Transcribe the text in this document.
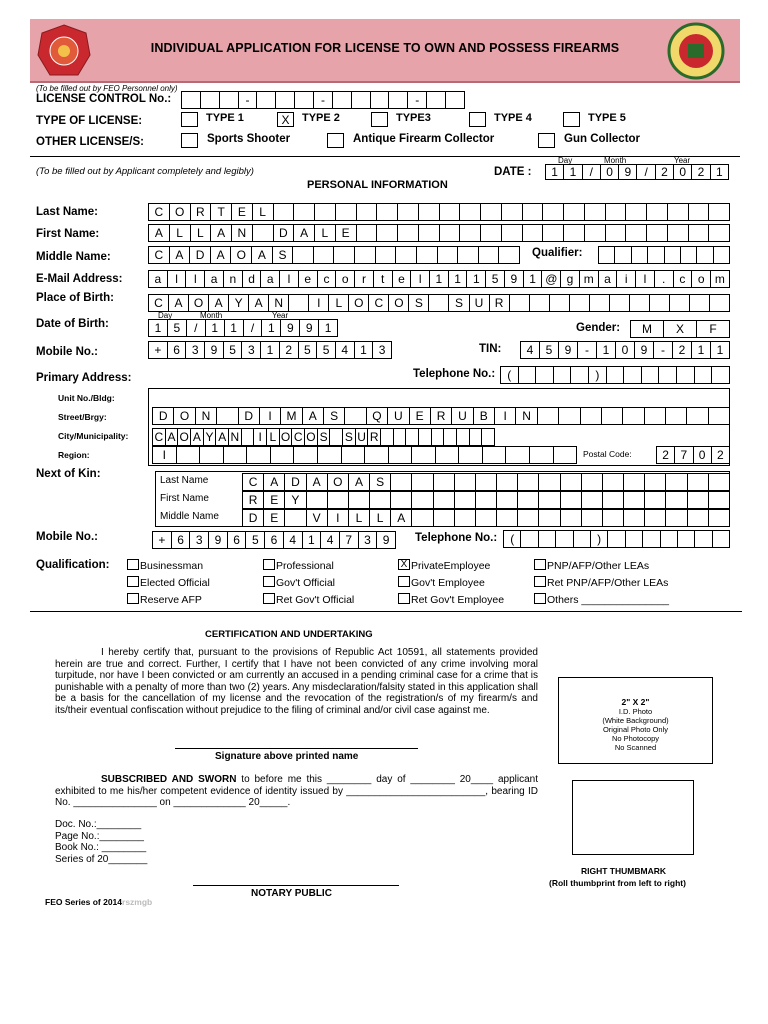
INDIVIDUAL APPLICATION FOR LICENSE TO OWN AND POSSESS FIREARMS
(To be filled out by FEO Personnel only)
LICENSE CONTROL No.:	-	-	-
TYPE OF LICENSE:	TYPE 1	X	TYPE 2	TYPE3	TYPE 4	TYPE 5
OTHER LICENSE/S:	Sports Shooter	Antique Firearm Collector	Gun Collector
(To be filled out by Applicant completely and legibly)
PERSONAL INFORMATION
DATE :
Day	Month	Year
1 1	/	0 9	/	2 0 2 1
Last Name:	C O R	T	E	L
First Name:	A	L	L	A	N	D	A	L	E
Middle Name:	C	A	D	A O A	S	Qualifier:
E-Mail Address:	a	l	l	a	n	d	a	l	e	c	o	r	t	e	l	1	1	1	5	9	1 @ g m a	i	l	.	c	o m
Place of Birth:	C A O A	Y	A N	I	L	O C O S	S U R
Date of Birth:
Day	Month	Year
1	5	/	1	1	/	1	9	9	1	Gender:	M	X	F
Mobile No.:	+ 6	3	9	5	3	1	2	5	5	4	1	3	TIN:	4	5	9	-	1	0	9	-	2	1	1
Primary Address:	Telephone No.:	(	)
Unit No./Bldg:
Street/Brgy:	D	O	N	D	I	M	A	S	Q	U	E	R	U	B	I	N
City/Municipality: C A O A Y A N	I L O C O S S U R
Region:	I	Postal Code:	2 7 0 2
Next of Kin:
Last Name	C	A	D	A	O	A	S
First Name	R	E	Y
Middle Name	D	E	V	I	L	L	A
Mobile No.:	+ 6	3	9	6	5	6	4	1	4	7	3	9	Telephone No.:	(	)
Qualification:	Businessman	Professional	X PrivateEmployee	PNP/AFP/Other LEAs
Elected Official	Gov't Official	Gov't Employee	Ret PNP/AFP/Other LEAs
Reserve AFP	Ret Gov't Official	Ret Gov't Employee	Others _______________
CERTIFICATION AND UNDERTAKING
I hereby certify that, pursuant to the provisions of Republic Act 10591, all statements provided herein are true and correct. Further, I certify that I have not been convicted of any crime involving moral turpitude, nor have I been convicted or am currently an accused in a pending criminal case for a crime that is punishable with a penalty of more than two (2) years. Any misdeclaration/falsity stated in this application shall be a basis for the cancellation of my license and the revocation of the registration/s of my firearm/s and its/their eventual confiscation without prejudice to the filing of criminal and/or civil case against me.
Signature above printed name
SUBSCRIBED AND SWORN to before me this ________ day of ________ 20____ applicant exhibited to me his/her competent evidence of identity issued by _________________________, bearing ID No. _______________ on _____________ 20_____.
Doc. No.:________
Page No.:________
Book No.: ________
Series of 20_______
NOTARY PUBLIC
2" X 2"
I.D. Photo
(White Background)
Original Photo Only
No Photocopy
No Scanned
RIGHT THUMBMARK
(Roll thumbprint from left to right)
FEO Series of 2014rszmgb
